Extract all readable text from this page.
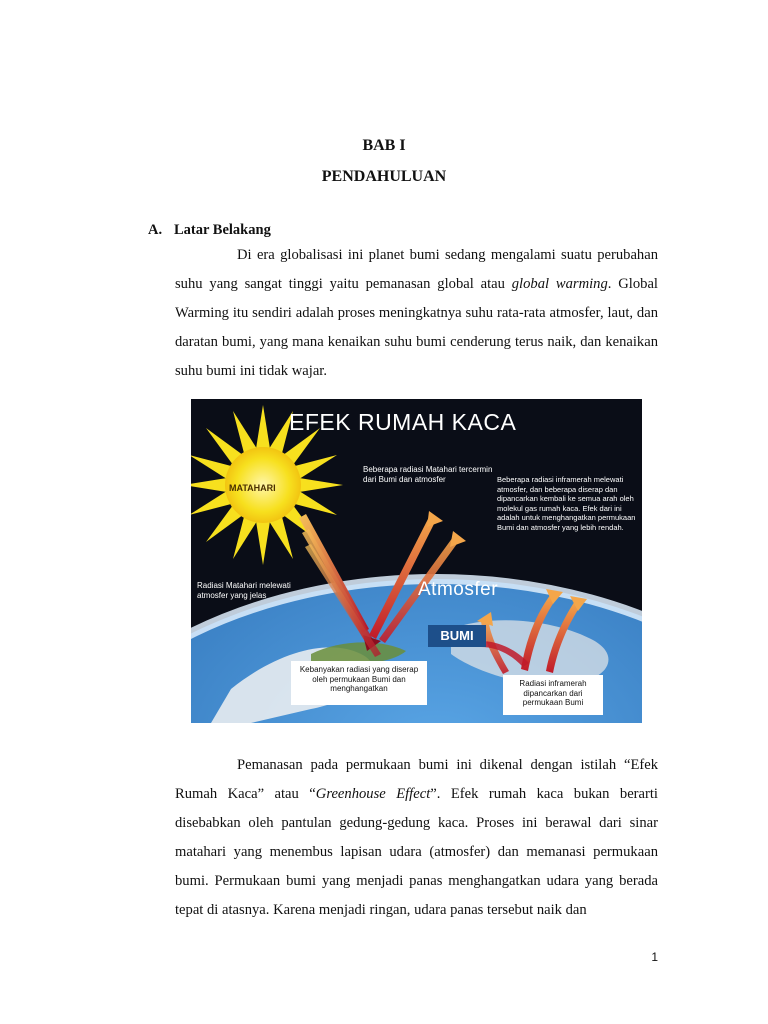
BAB I
PENDAHULUAN
A. Latar Belakang

Di era globalisasi ini planet bumi sedang mengalami suatu perubahan suhu yang sangat tinggi yaitu pemanasan global atau global warming. Global Warming itu sendiri adalah proses meningkatnya suhu rata-rata atmosfer, laut, dan daratan bumi, yang mana kenaikan suhu bumi cenderung terus naik, dan kenaikan suhu bumi ini tidak wajar.

EFEK RUMAH KACA
MATAHARI
Atmosfer
BUMI
Beberapa radiasi Matahari tercermin dari Bumi dan atmosfer	Beberapa radiasi inframerah melewati atmosfer, dan beberapa diserap dan dipancarkan kembali ke semua arah oleh molekul gas rumah kaca. Efek dari ini adalah untuk menghangatkan permukaan Bumi dan atmosfer yang lebih rendah.
Radiasi Matahari melewati atmosfer yang jelas
Kebanyakan radiasi yang diserap oleh permukaan Bumi dan menghangatkan
Radiasi inframerah dipancarkan dari permukaan Bumi

Pemanasan pada permukaan bumi ini dikenal dengan istilah “Efek Rumah Kaca” atau “Greenhouse Effect”. Efek rumah kaca bukan berarti disebabkan oleh pantulan gedung-gedung kaca. Proses ini berawal dari sinar matahari yang menembus lapisan udara (atmosfer) dan memanasi permukaan bumi. Permukaan bumi yang menjadi panas menghangatkan udara yang berada tepat di atasnya. Karena menjadi ringan, udara panas tersebut naik dan

1
